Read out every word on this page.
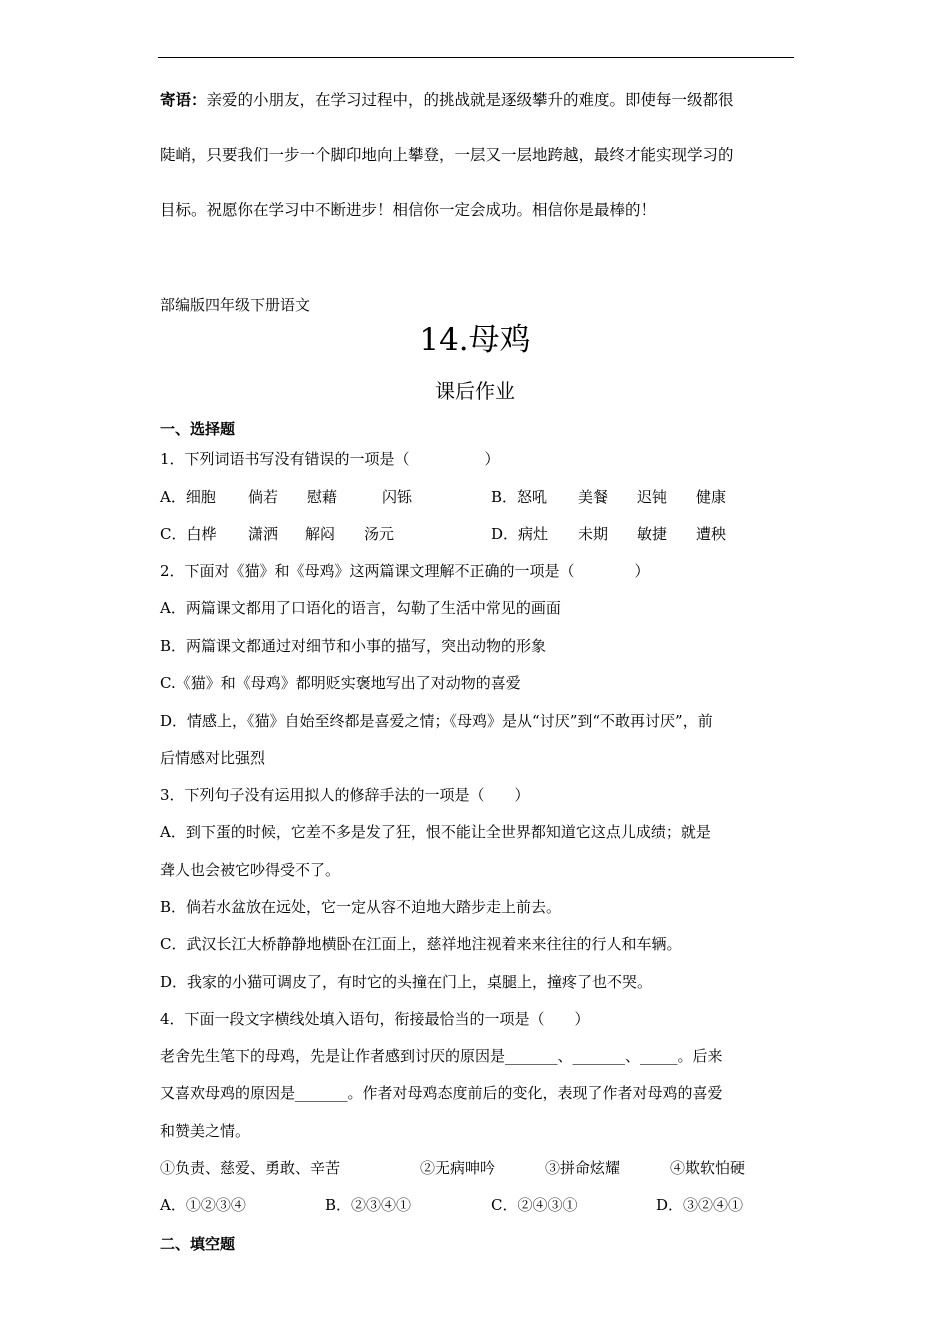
寄语：亲爱的小朋友，在学习过程中，的挑战就是逐级攀升的难度。即使每一级都很
陡峭，只要我们一步一个脚印地向上攀登，一层又一层地跨越，最终才能实现学习的
目标。祝愿你在学习中不断进步！相信你一定会成功。相信你是最棒的！
部编版四年级下册语文
14.母鸡
课后作业
一、选择题
1．下列词语书写没有错误的一项是（　　　　　）
A．细胞 倘若 慰藉	闪铄	B．怒吼 美餐 迟钝 健康
C．白桦 潇洒 解闷 汤元	D．病灶 未期 敏捷 遭秧
2．下面对《猫》和《母鸡》这两篇课文理解不正确的一项是（　　　　）
A．两篇课文都用了口语化的语言，勾勒了生活中常见的画面
B．两篇课文都通过对细节和小事的描写，突出动物的形象
C.《猫》和《母鸡》都明贬实褒地写出了对动物的喜爱
D．情感上，《猫》自始至终都是喜爱之情；《母鸡》是从“讨厌”到“不敢再讨厌”，前
后情感对比强烈
3．下列句子没有运用拟人的修辞手法的一项是（　　）
A．到下蛋的时候，它差不多是发了狂，恨不能让全世界都知道它这点儿成绩；就是
聋人也会被它吵得受不了。
B．倘若水盆放在远处，它一定从容不迫地大踏步走上前去。
C．武汉长江大桥静静地横卧在江面上，慈祥地注视着来来往往的行人和车辆。
D．我家的小猫可调皮了，有时它的头撞在门上，桌腿上，撞疼了也不哭。
4．下面一段文字横线处填入语句，衔接最恰当的一项是（　　）
老舍先生笔下的母鸡，先是让作者感到讨厌的原因是_______、_______、_____。后来
又喜欢母鸡的原因是_______。作者对母鸡态度前后的变化，表现了作者对母鸡的喜爱
和赞美之情。
①负责、慈爱、勇敢、辛苦	②无病呻吟	③拼命炫耀	④欺软怕硬
A．①②③④	B．②③④①	C．②④③①	D．③②④①
二、填空题
